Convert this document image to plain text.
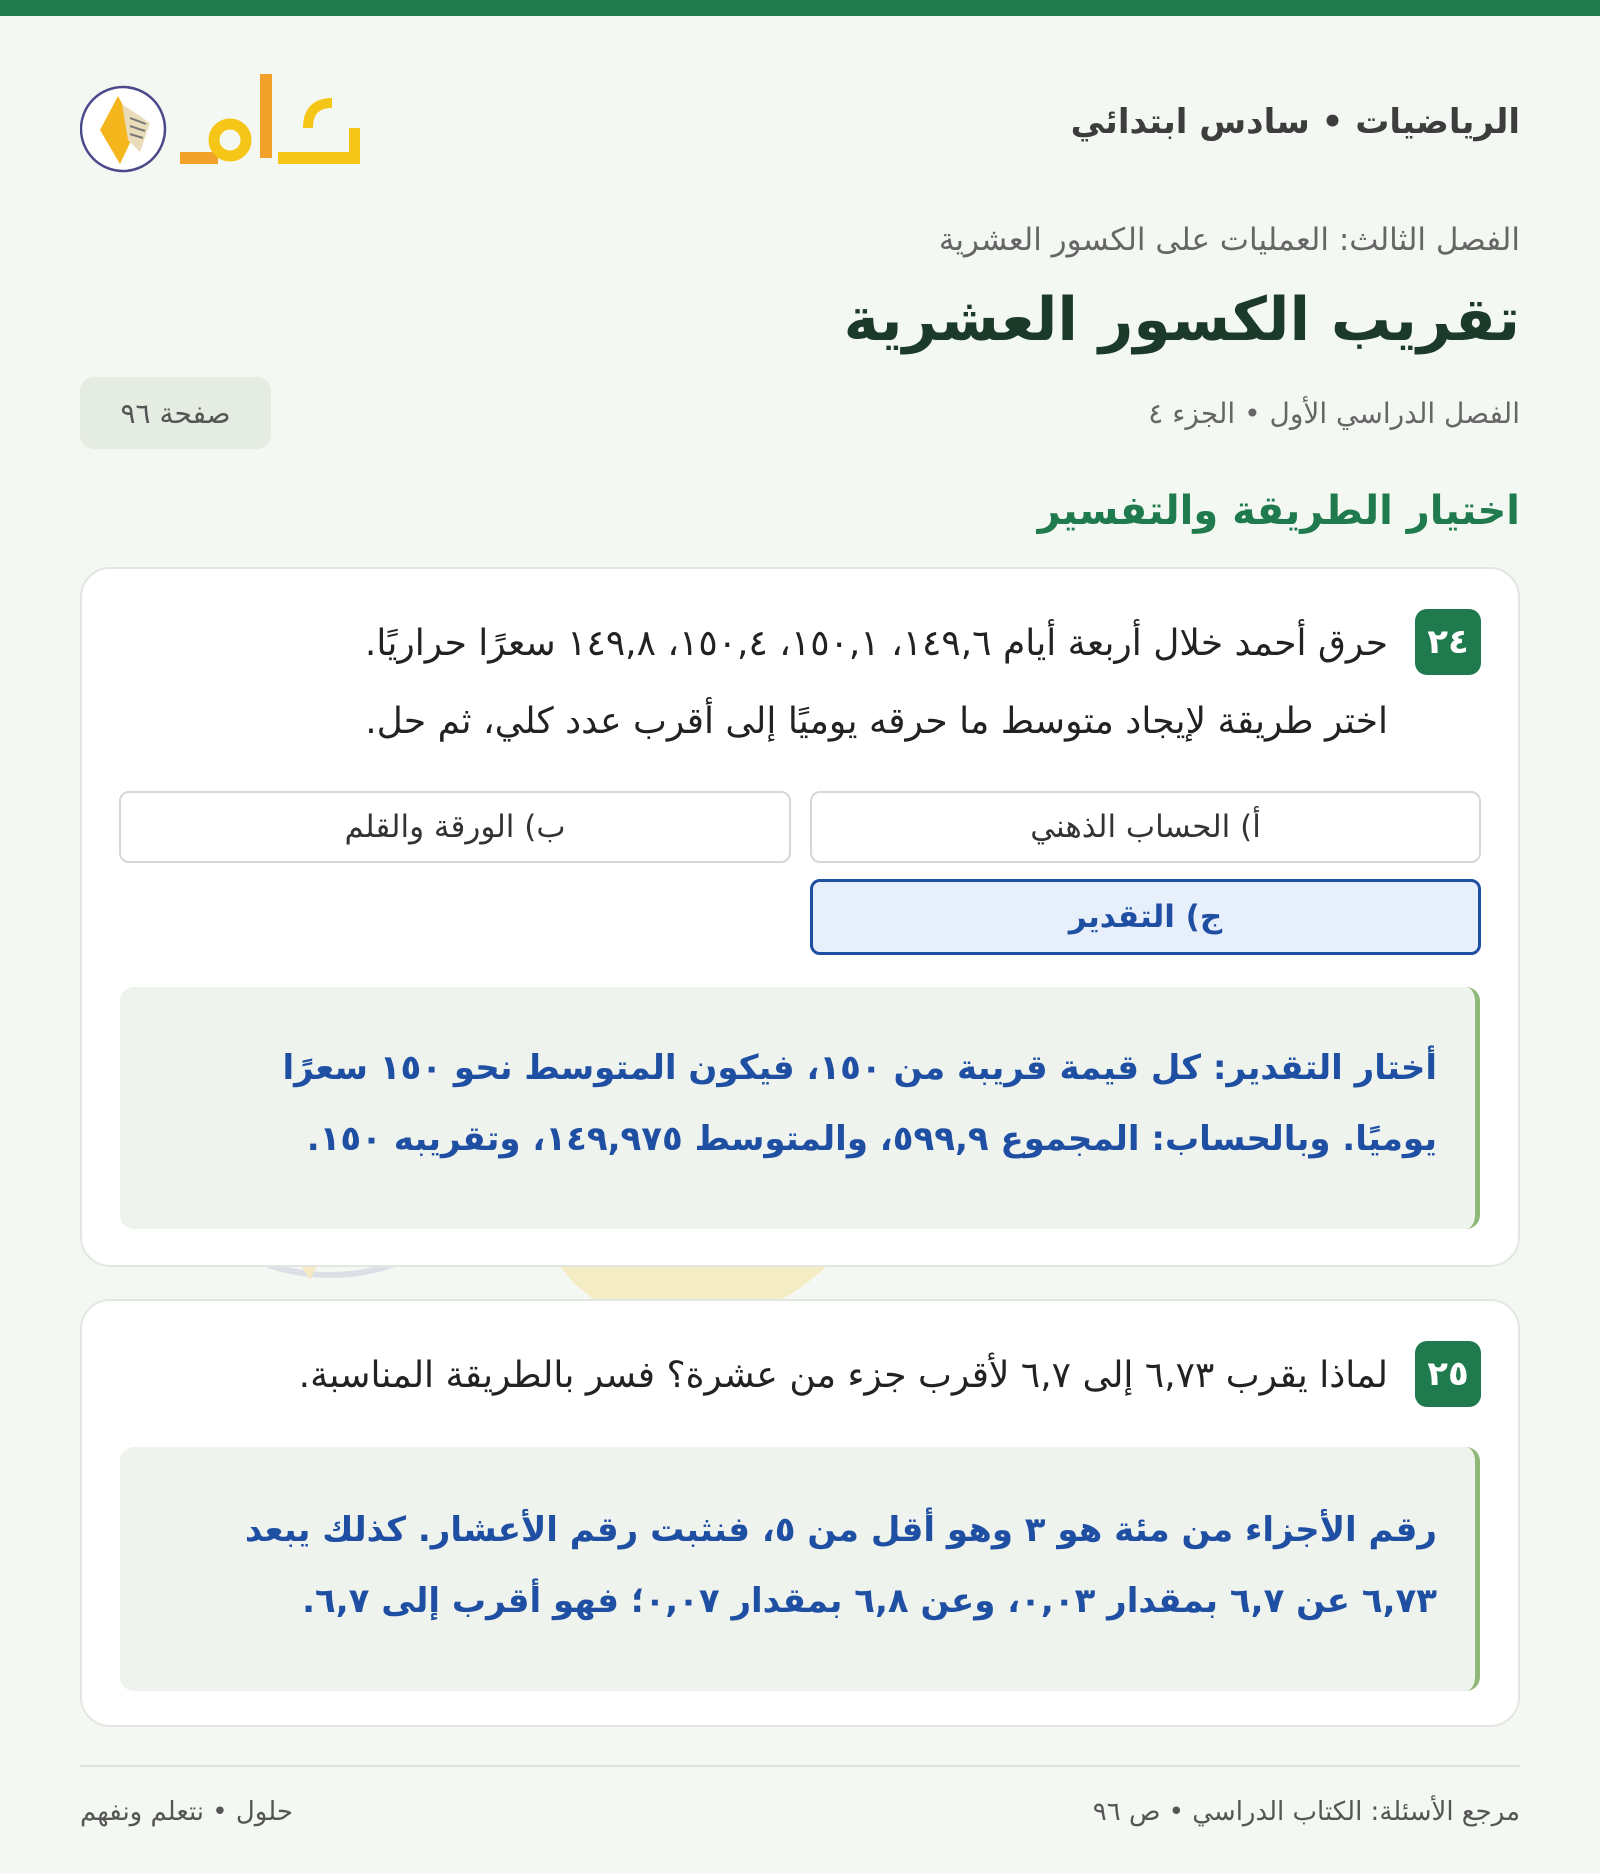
الرياضيات • سادس ابتدائي
الفصل الثالث: العمليات على الكسور العشرية
تقريب الكسور العشرية
الفصل الدراسي الأول • الجزء ٤
صفحة ٩٦
اختيار الطريقة والتفسير
٢٤

حرق أحمد خلال أربعة أيام ١٤٩,٦، ١٥٠,١، ١٥٠,٤، ١٤٩,٨ سعرًا حراريًا.

اختر طريقة لإيجاد متوسط ما حرقه يوميًا إلى أقرب عدد كلي، ثم حل.

أ) الحساب الذهني
ب) الورقة والقلم
ج) التقدير

أختار التقدير: كل قيمة قريبة من ١٥٠، فيكون المتوسط نحو ١٥٠ سعرًا

يوميًا. وبالحساب: المجموع ٥٩٩,٩، والمتوسط ١٤٩,٩٧٥، وتقريبه ١٥٠.

٢٥

لماذا يقرب ٦,٧٣ إلى ٦,٧ لأقرب جزء من عشرة؟ فسر بالطريقة المناسبة.

رقم الأجزاء من مئة هو ٣ وهو أقل من ٥، فنثبت رقم الأعشار. كذلك يبعد

٦,٧٣ عن ٦,٧ بمقدار ٠,٠٣، وعن ٦,٨ بمقدار ٠,٠٧؛ فهو أقرب إلى ٦,٧.

مرجع الأسئلة: الكتاب الدراسي • ص ٩٦
حلول • نتعلم ونفهم
